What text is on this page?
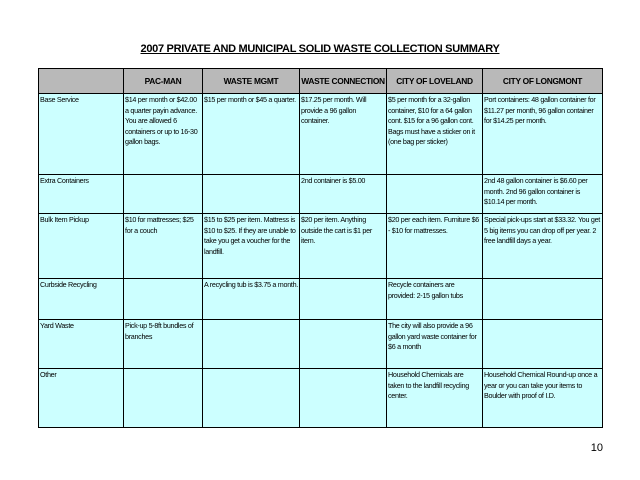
2007 PRIVATE AND MUNICIPAL SOLID WASTE COLLECTION SUMMARY
	PAC-MAN	WASTE MGMT	WASTE CONNECTION	CITY OF LOVELAND	CITY OF LONGMONT
Base Service	$14 per month or $42.00 a quarter payin advance. You are allowed 6 containers or up to 16-30 gallon bags.	$15 per month or $45 a quarter.	$17.25 per month. Will provide a 96 gallon container.	$5 per month for a 32-gallon container, $10 for a 64 gallon cont. $15 for a 96 gallon cont. Bags must have a sticker on it (one bag per sticker)	Port containers: 48 gallon container for $11.27 per month, 96 gallon container for $14.25 per month.
Extra Containers			2nd container is $5.00		2nd 48 gallon container is $6.60 per month. 2nd 96 gallon container is $10.14 per month.
Bulk Item Pickup	$10 for mattresses; $25 for a couch	$15 to $25 per item. Mattress is $10 to $25. If they are unable to take you get a voucher for the landfill.	$20 per item. Anything outside the cart is $1 per item.	$20 per each item. Furniture $6 - $10 for mattresses.	Special pick-ups start at $33.32. You get 5 big items you can drop off per year. 2 free landfill days a year.
Curbside Recycling		A recycling tub is $3.75 a month.		Recycle containers are provided: 2-15 gallon tubs	
Yard Waste	Pick-up 5-8ft bundles of branches			The city will also provide a 96 gallon yard waste container for $6 a month	
Other				Household Chemicals are taken to the landfill recycling center.	Household Chemical Round-up once a year or you can take your items to Boulder with proof of I.D.
10
